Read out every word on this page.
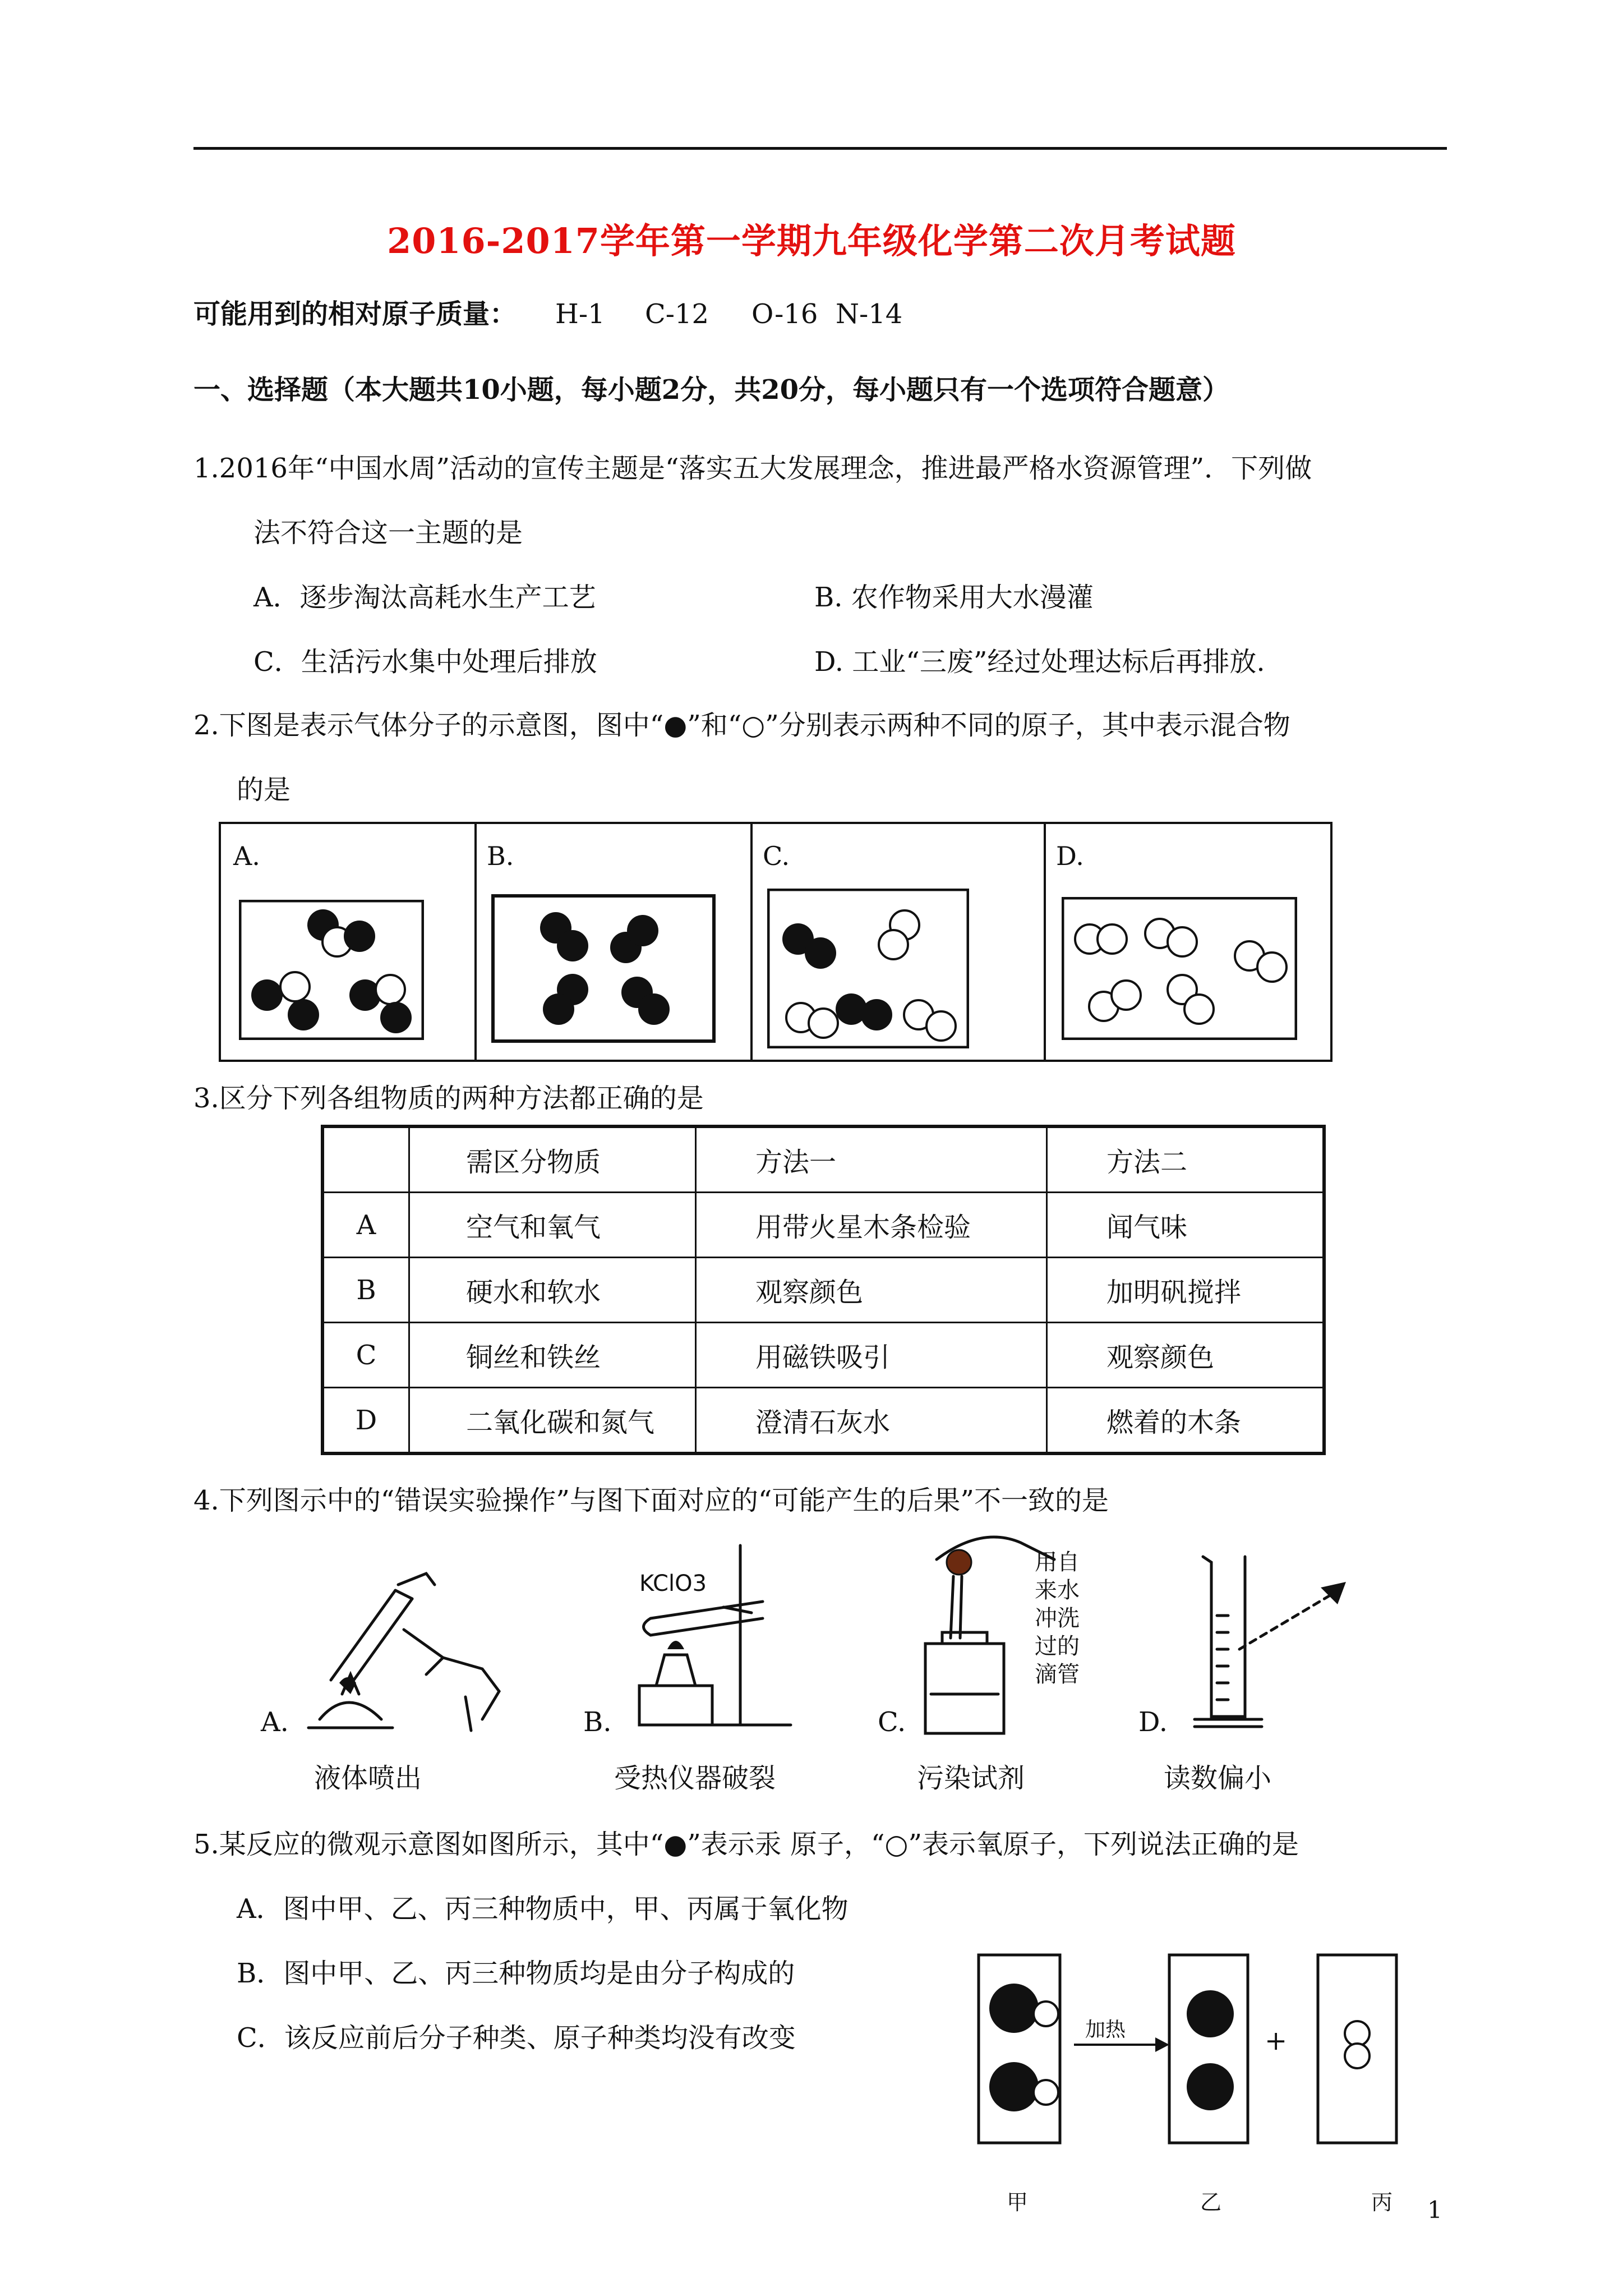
2016-2017学年第一学期九年级化学第二次月考试题
可能用到的相对原子质量： H-1 C-12 O-16 N-14
一、选择题（本大题共10小题，每小题2分，共20分，每小题只有一个选项符合题意）
1.2016年“中国水周”活动的宣传主题是“落实五大发展理念，推进最严格水资源管理”．下列做
法不符合这一主题的是
A．逐步淘汰高耗水生产工艺	B. 农作物采用大水漫灌
C．生活污水集中处理后排放	D. 工业“三废”经过处理达标后再排放.
2.下图是表示气体分子的示意图，图中“●”和“○”分别表示两种不同的原子，其中表示混合物
的是
A.	B.	C.	D.
3.区分下列各组物质的两种方法都正确的是
	需区分物质	方法一	方法二
A	空气和氧气	用带火星木条检验	闻气味
B	硬水和软水	观察颜色	加明矾搅拌
C	铜丝和铁丝	用磁铁吸引	观察颜色
D	二氧化碳和氮气	澄清石灰水	燃着的木条
4.下列图示中的“错误实验操作”与图下面对应的“可能产生的后果”不一致的是
A.
液体喷出
KClO3
B.
受热仪器破裂
用自
来水
冲洗
过的
滴管
C.
污染试剂
D.
读数偏小
5.某反应的微观示意图如图所示，其中“●”表示汞 原子，“○”表示氧原子，下列说法正确的是
A．图中甲、乙、丙三种物质中，甲、丙属于氧化物
B．图中甲、乙、丙三种物质均是由分子构成的
C．该反应前后分子种类、原子种类均没有改变	加热	+
甲	乙	丙 1
